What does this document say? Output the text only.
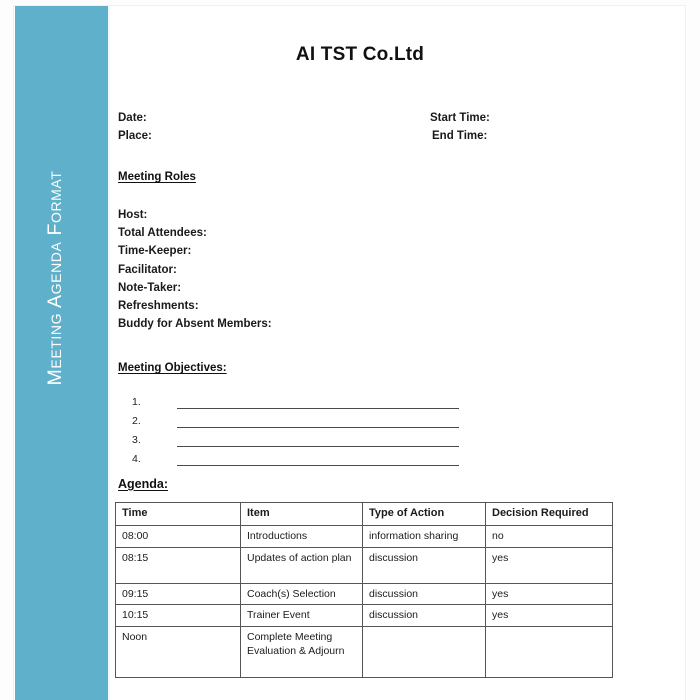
Meeting Agenda Format
AI TST Co.Ltd
Date:
Place:
Start Time:
End Time:
Meeting Roles
Host:
Total Attendees:
Time-Keeper:
Facilitator:
Note-Taker:
Refreshments:
Buddy for Absent Members:
Meeting Objectives:
1.
2.
3.
4.
Agenda:
Time	Item	Type of Action	Decision Required
08:00	Introductions	information sharing	no
08:15	Updates of action plan	discussion	yes
09:15	Coach(s) Selection	discussion	yes
10:15	Trainer Event	discussion	yes
Noon	Complete Meeting Evaluation & Adjourn		
